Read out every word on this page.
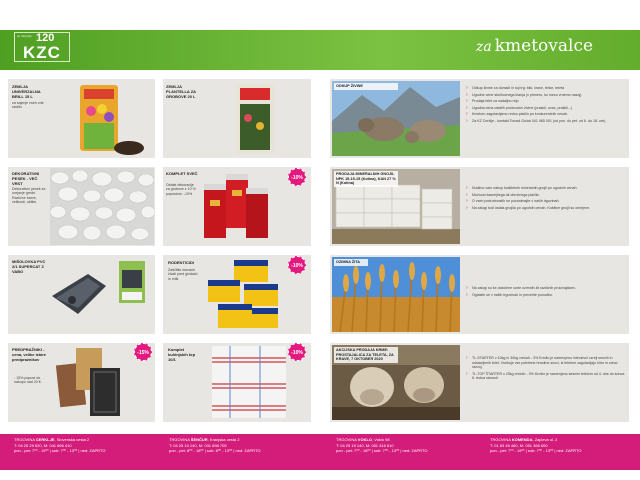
sp izkušnjo 120
KZC	za kmetovalce
ZEMLJA UNIVERZALNA BRILL 15 L
za sajenje vseh vrst rastlin
ZEMLJA PLANTELLA ZA GROBOVE 20 L
DEKORATIVNI PESEK - VEČ VRST
Dekorativni pesek za urejanje grede. Različne barve, velikosti, oblike.
KOMPLET SVEČ
Ostale dekoracije za grobove z 10 % popustom. -10%
-10%
MIŠOLOVKA PVC 2/1 SUPERCAT Z VABO
RODENTICIDI
Zaščitite domače živali pred glodalci in miši.
-10%
PREDPRAŽNIKI - cena, velike izbire predpražnikov
- 15% popust ob nakupu nad 20 €.
-15%
Komplet kuhinjskih krp 10/1
-10%
ODKUP ŽIVINE	› Odkup živine za domači in tuji trg: biki, krave, telice, teleta
› Ugodne cene stočkovnega klanja (v primeru, ko meso vrnemo nazaj)
› Prodaja telet za nadaljno rejo
› Ugodna cena ostalih proizvodov živine (prasiči, ovce, prašiči...)
› Kmetom zagotavljamo redno plačilo po konkurenčnih cenah.
› Za KZ Cerklje - kontakt Tomaž Golob 041 985 001 (od pon. do pet. od 6. do 18. ure).
PRODAJA MINERALNIH GNOJIL NPK 15-15-15 (Kotina), KAN 27 % N (Kotina)
› Nudimo vam nakup kvalitetnih mineralnih gnojil po ugodnih cenah.
› Možnost kasnejšega ali obročnega plačila.
› O vseh podrobnostih se pozanimajte v naših trgovinah.
› Na zalogi tudi ostala gnojila po ugodnih cenah. Kobiline gnojil so omejene.
OZIMNA ŽITA
› Na zalogi so še določene sorte ozimnih žit različnih proizvajalcev.
› Oglasite se v naših trgovinah in preverite ponudbo.
AKCIJSKA PRODAJA KRME: PROSTAJALICA ZA TELETA, ZA KRAVE, 7 OKTOBER 2020	› TL-STARTER v 10kg in 30kg vrečah - 3% Krmilo je namenjeno intenzivni vzreji sesnih in odstavljenih telet. Vsebuje vse potrebne hranilne snovi, ki teletom zagotavljajo hitro in zdrav razvoj.
› TL-TOP ŠTARTER v 25kg vrečah - 3% Krmilo je namenjeno sesnim teletom od 4. dne do konca 6. tedna starosti
TRGOVINA CERKLJE, Slovenska cesta 2
T: 04 25 29 520, M: 041 666 410
pon - pet: 7⁰⁰ - 19⁰⁰ | sob: 7⁰⁰ - 13⁰⁰ | ned: ZAPRTO
TRGOVINA ŠENČUR, Kranjska cesta 2
T: 04 25 10 140, M: 031 698 705
pon - pet: 8⁰⁰ - 18⁰⁰ | sob: 8⁰⁰ - 13⁰⁰ | ned: ZAPRTO
TRGOVINA VOKLO, Voklo 98
T: 04 25 19 140, M: 051 316 610
pon - pet: 7⁰⁰ - 18⁰⁰ | sob: 7⁰⁰ - 13⁰⁰ | ned: ZAPRTO
TRGOVINA KOMENDA, Zajčeva ul. 2
T: 01 83 45 480, M: 051 366 600
pon - pet: 7⁰⁰ - 19⁰⁰ | sob: 7⁰⁰ - 13⁰⁰ | ned: ZAPRTO
